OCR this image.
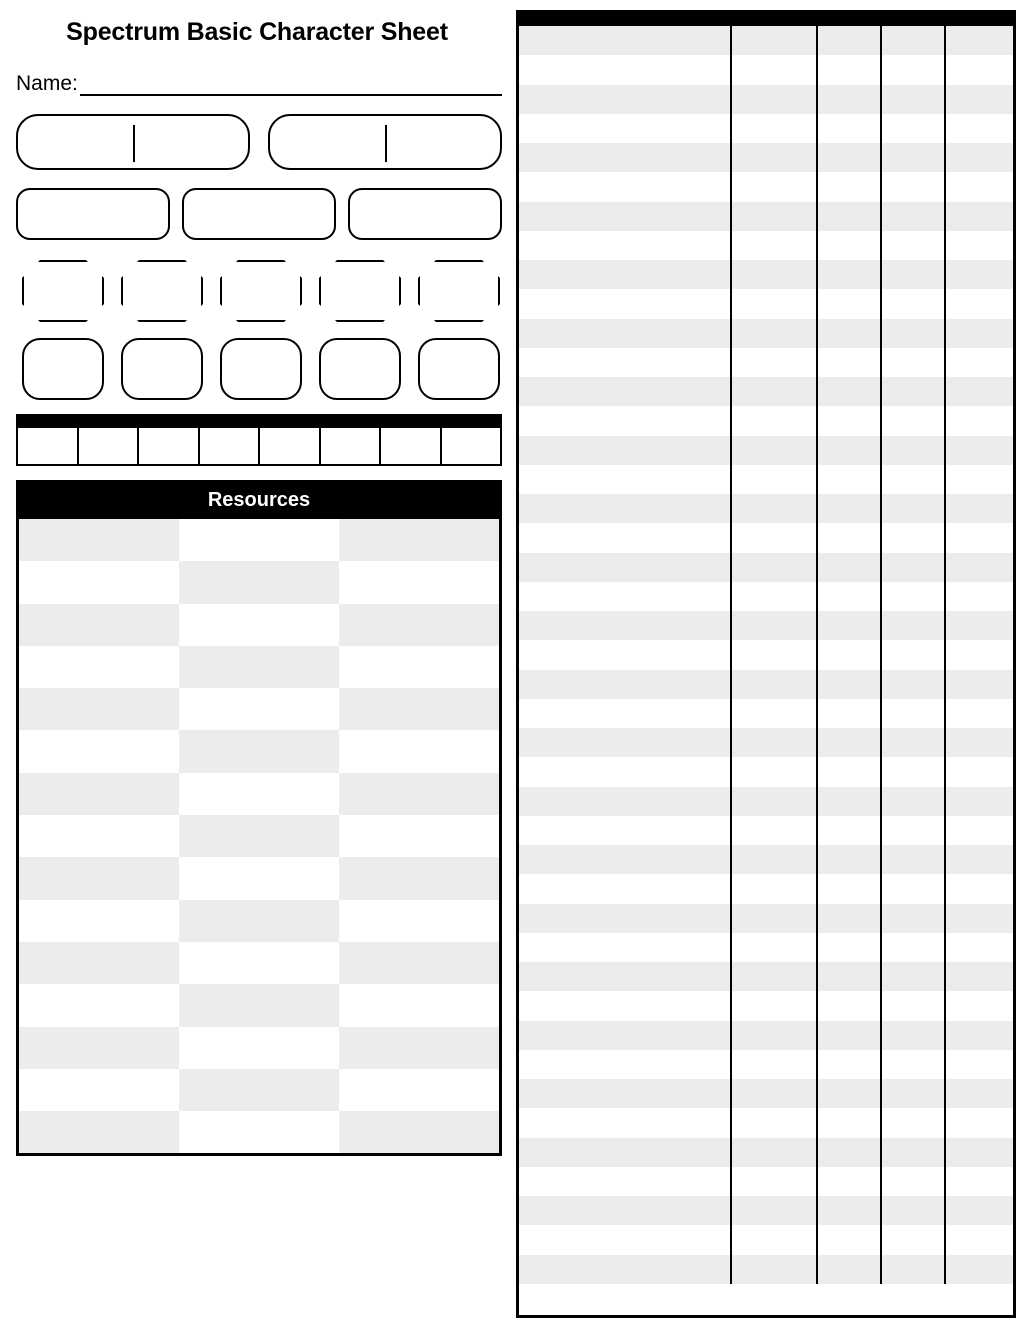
Spectrum Basic Character Sheet
Name:

Resources
